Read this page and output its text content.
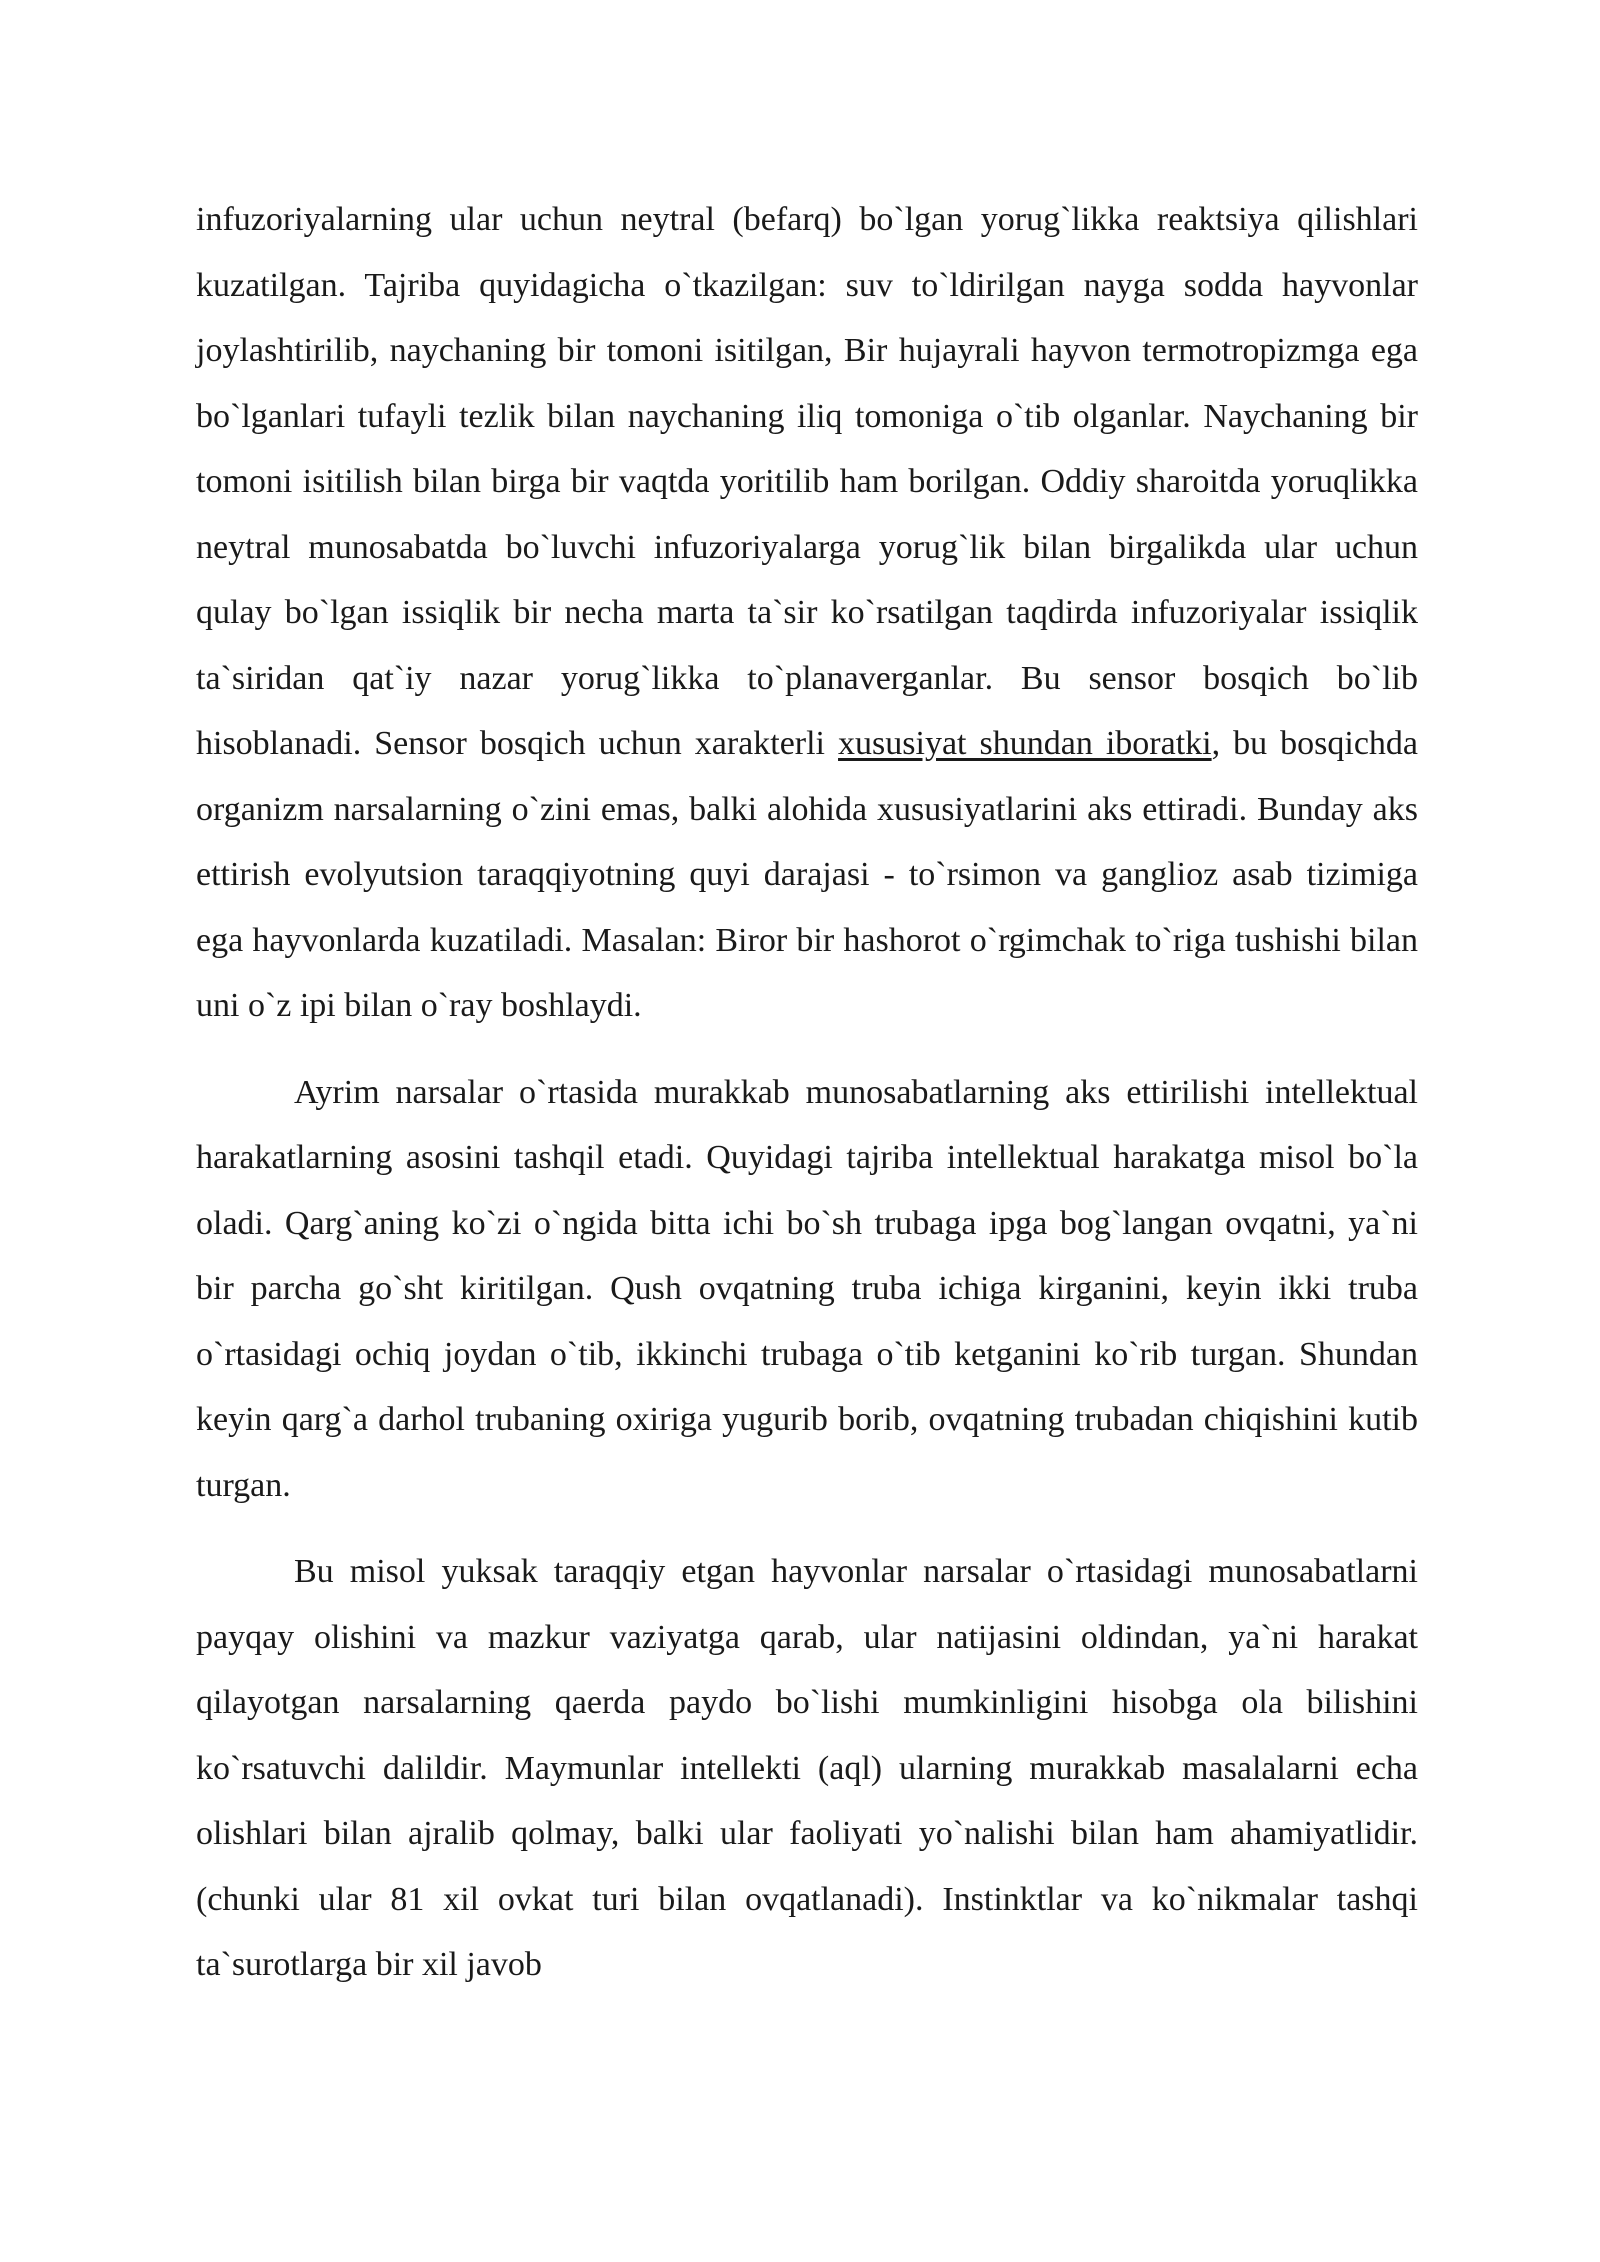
infuzoriyalarning ular uchun neytral (befarq) bo`lgan yorug`likka reaktsiya qilishlari kuzatilgan. Tajriba quyidagicha o`tkazilgan: suv to`ldirilgan nayga sodda hayvonlar joylashtirilib, naychaning bir tomoni isitilgan, Bir hujayrali hayvon termotropizmga ega bo`lganlari tufayli tezlik bilan naychaning iliq tomoniga o`tib olganlar. Naychaning bir tomoni isitilish bilan birga bir vaqtda yoritilib ham borilgan. Oddiy sharoitda yoruqlikka neytral munosabatda bo`luvchi infuzoriyalarga yorug`lik bilan birgalikda ular uchun qulay bo`lgan issiqlik bir necha marta ta`sir ko`rsatilgan taqdirda infuzoriyalar issiqlik ta`siridan qat`iy nazar yorug`likka to`planaverganlar. Bu sensor bosqich bo`lib hisoblanadi. Sensor bosqich uchun xarakterli xususiyat shundan iboratki, bu bosqichda organizm narsalarning o`zini emas, balki alohida xususiyatlarini aks ettiradi. Bunday aks ettirish evolyutsion taraqqiyotning quyi darajasi - to`rsimon va ganglioz asab tizimiga ega hayvonlarda kuzatiladi. Masalan: Biror bir hashorot o`rgimchak to`riga tushishi bilan uni o`z ipi bilan o`ray boshlaydi.

Ayrim narsalar o`rtasida murakkab munosabatlarning aks ettirilishi intellektual harakatlarning asosini tashqil etadi. Quyidagi tajriba intellektual harakatga misol bo`la oladi. Qarg`aning ko`zi o`ngida bitta ichi bo`sh trubaga ipga bog`langan ovqatni, ya`ni bir parcha go`sht kiritilgan. Qush ovqatning truba ichiga kirganini, keyin ikki truba o`rtasidagi ochiq joydan o`tib, ikkinchi trubaga o`tib ketganini ko`rib turgan. Shundan keyin qarg`a darhol trubaning oxiriga yugurib borib, ovqatning trubadan chiqishini kutib turgan.

Bu misol yuksak taraqqiy etgan hayvonlar narsalar o`rtasidagi munosabatlarni payqay olishini va mazkur vaziyatga qarab, ular natijasini oldindan, ya`ni harakat qilayotgan narsalarning qaerda paydo bo`lishi mumkinligini hisobga ola bilishini ko`rsatuvchi dalildir. Maymunlar intellekti (aql) ularning murakkab masalalarni echa olishlari bilan ajralib qolmay, balki ular faoliyati yo`nalishi bilan ham ahamiyatlidir. (chunki ular 81 xil ovkat turi bilan ovqatlanadi). Instinktlar va ko`nikmalar tashqi ta`surotlarga bir xil javob
